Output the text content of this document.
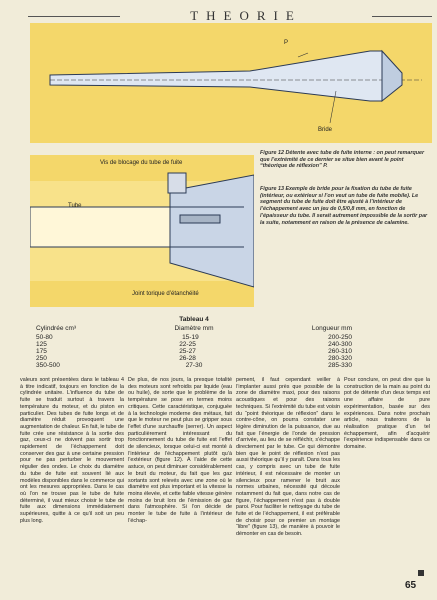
THEORIE
P
Bride
Vis de blocage du tube de fuite
Tube
Joint torique d’étanchéité
Figure 12 Détente avec tube de fuite interne : on peut remarquer que l’extrémité de ce dernier se situe bien avant le point “théorique de réflexion” P.
Figure 13 Exemple de bride pour la fixation du tube de fuite (intérieur, ou extérieur si l’on veut un tube de fuite mobile). Le segment du tube de fuite doit être ajusté à l’intérieur de l’échappement avec un jeu de 0,5/0,8 mm, en fonction de l’épaisseur du tube. Il serait autrement impossible de la sortir par la suite, notamment en raison de la présence de calamine.
Tableau 4
Cylindrée cm³	Diamètre mm	Longueur mm
50-80	15-19	200-250
125	22-25	240-300
175	25-27	260-310
250	26-28	280-320
350-500	27-30	285-330
valeurs sont présentées dans le tableau 4 à titre indicatif, toujours en fonction de la cylindrée unitaire. L’influence du tube de fuite se traduit surtout à travers la température du moteur, et du piston en particulier. Des tubes de fuite longs et de diamètre réduit provoquent une augmentation de chaleur. En fait, le tube de fuite crée une résistance à la sortie des gaz, ceux-ci ne doivent pas sortir trop rapidement de l’échappement doit conserver des gaz à une certaine pression pour ne pas perturber le mouvement régulier des ondes. Le choix du diamètre du tube de fuite est souvent lié aux modèles disponibles dans le commerce qui ont les mesures appropriées. Dans le cas où l’on ne trouve pas le tube de fuite déterminé, il vaut mieux choisir le tube de fuite aux dimensions immédiatement supérieures, quitte à ce qu’il soit un peu plus long.
De plus, de nos jours, la presque totalité des moteurs sont refroidis par liquide (eau ou huile), de sorte que le problème de la température se pose en termes moins critiques. Cette caractéristique, conjuguée à la technologie moderne des métaux, fait que le moteur ne peut plus se gripper sous l’effet d’une surchauffe (serrer). Un aspect particulièrement intéressant du fonctionnement du tube de fuite est l’effet de silencieux, lorsque celui-ci est monté à l’intérieur de l’échappement plutôt qu’à l’extérieur (figure 12). À l’aide de cette astuce, on peut diminuer considérablement le bruit du moteur, du fait que les gaz sortants sont relevés avec une zone où le diamètre est plus important et la vitesse la moins élevée, et cette faible vitesse génère moins de bruit lors de l’émission de gaz dans l’atmosphère. Si l’on décide de monter le tube de fuite à l’intérieur de l’échap-
pement, il faut cependant veiller à l’implanter aussi près que possible de la zone de diamètre maxi, pour des raisons acoustiques et pour des raisons techniques. Si l’extrémité du tube est voisin du “point théorique de réflexion” dans le contre-cône, on pourra constater une légère diminution de la puissance, due au fait que l’énergie de l’onde de pression d’arrivée, au lieu de se réfléchir, s’échappe directement par le tube. Ce qui démontre bien que le point de réflexion n’est pas aussi théorique qu’il y paraît. Dans tous les cas, y compris avec un tube de fuite intérieur, il est nécessaire de monter un silencieux pour ramener le bruit aux normes urbaines, nécessité qui découle notamment du fait que, dans notre cas de figure, l’échappement n’est pas à double paroi. Pour faciliter le nettoyage du tube de fuite et de l’échappement, il est préférable de choisir pour ce premier un montage “libre” (figure 13), de manière à pouvoir le démonter en cas de besoin.
Pour conclure, on peut dire que la construction de la main au point du pot de détente d’un deux temps est une affaire de pure expérimentation, basée sur des expériences. Dans notre prochain article, nous traiterons de la réalisation pratique d’un tel échappement, afin d’acquérir l’expérience indispensable dans ce domaine.
65
